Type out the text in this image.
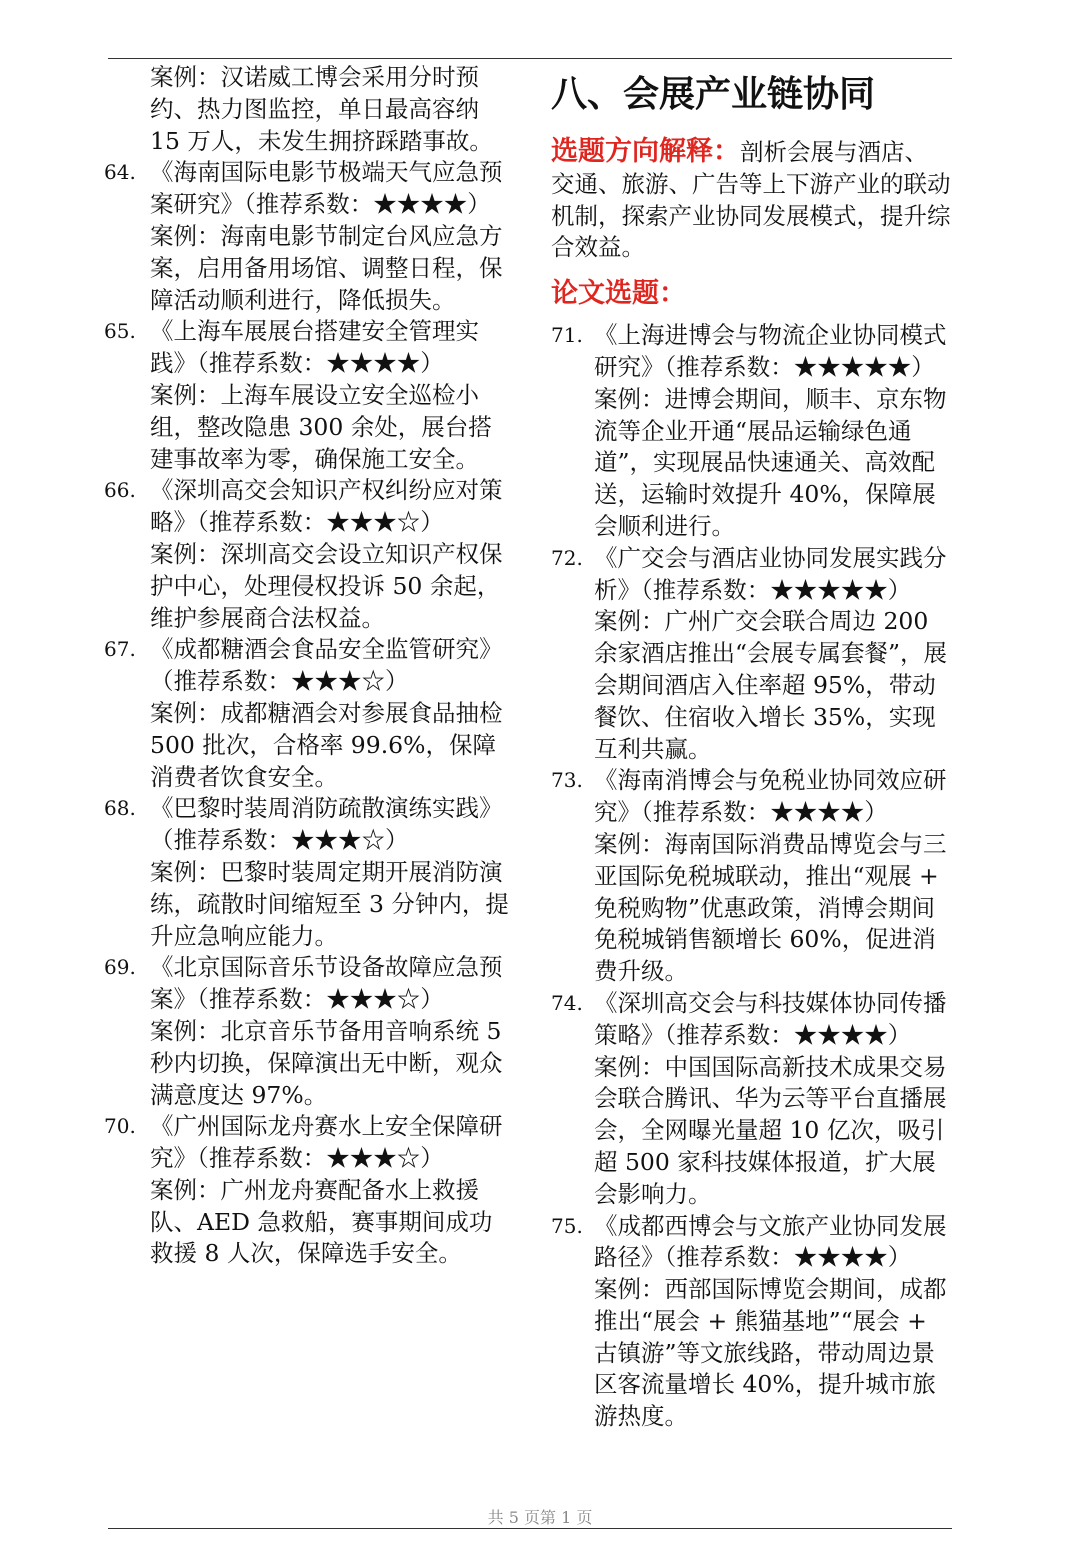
案例：汉诺威工博会采用分时预约、热力图监控，单日最高容纳 15 万人，未发生拥挤踩踏事故。

64. 《海南国际电影节极端天气应急预案研究》（推荐系数：★★★★）

案例：海南电影节制定台风应急方案，启用备用场馆、调整日程，保障活动顺利进行，降低损失。

65. 《上海车展展台搭建安全管理实践》（推荐系数：★★★★）

案例：上海车展设立安全巡检小组，整改隐患 300 余处，展台搭建事故率为零，确保施工安全。

66. 《深圳高交会知识产权纠纷应对策略》（推荐系数：★★★☆）

案例：深圳高交会设立知识产权保护中心，处理侵权投诉 50 余起，维护参展商合法权益。

67. 《成都糖酒会食品安全监管研究》（推荐系数：★★★☆）

案例：成都糖酒会对参展食品抽检 500 批次，合格率 99.6%，保障消费者饮食安全。

68. 《巴黎时装周消防疏散演练实践》（推荐系数：★★★☆）

案例：巴黎时装周定期开展消防演练，疏散时间缩短至 3 分钟内，提升应急响应能力。

69. 《北京国际音乐节设备故障应急预案》（推荐系数：★★★☆）

案例：北京音乐节备用音响系统 5 秒内切换，保障演出无中断，观众满意度达 97%。

70. 《广州国际龙舟赛水上安全保障研究》（推荐系数：★★★☆）

案例：广州龙舟赛配备水上救援队、AED 急救船，赛事期间成功救援 8 人次，保障选手安全。

八、会展产业链协同

选题方向解释：剖析会展与酒店、交通、旅游、广告等上下游产业的联动机制，探索产业协同发展模式，提升综合效益。

论文选题：
71. 《上海进博会与物流企业协同模式研究》（推荐系数：★★★★★）

案例：进博会期间，顺丰、京东物流等企业开通“展品运输绿色通道”，实现展品快速通关、高效配送，运输时效提升 40%，保障展会顺利进行。

72. 《广交会与酒店业协同发展实践分析》（推荐系数：★★★★★）

案例：广州广交会联合周边 200 余家酒店推出“会展专属套餐”，展会期间酒店入住率超 95%，带动餐饮、住宿收入增长 35%，实现互利共赢。

73. 《海南消博会与免税业协同效应研究》（推荐系数：★★★★）

案例：海南国际消费品博览会与三亚国际免税城联动，推出“观展 + 免税购物”优惠政策，消博会期间免税城销售额增长 60%，促进消费升级。

74. 《深圳高交会与科技媒体协同传播策略》（推荐系数：★★★★）

案例：中国国际高新技术成果交易会联合腾讯、华为云等平台直播展会，全网曝光量超 10 亿次，吸引超 500 家科技媒体报道，扩大展会影响力。

75. 《成都西博会与文旅产业协同发展路径》（推荐系数：★★★★）

案例：西部国际博览会期间，成都推出“展会 + 熊猫基地”“展会 + 古镇游”等文旅线路，带动周边景区客流量增长 40%，提升城市旅游热度。

共 5 页第 1 页
